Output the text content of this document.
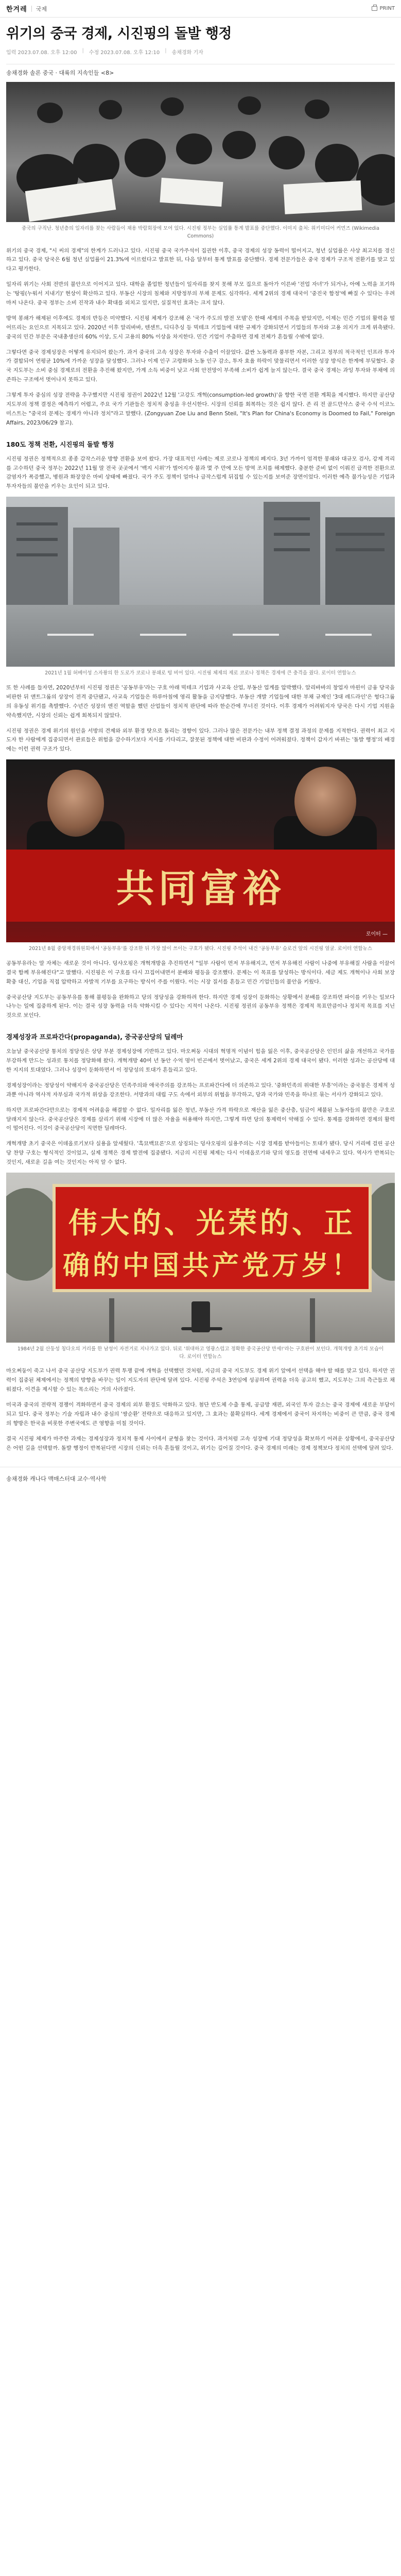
한겨레 국제	PRINT
위기의 중국 경제, 시진핑의 돌발 행정
입력 2023.07.08. 오후 12:00 | 수정 2023.07.08. 오후 12:10 | 송채경화 기자

송채경화 솔론 중국 · 대륙의 지속인들 <8>

중국의 구직난. 청년층의 일자리를 찾는 사람들이 채용 박람회장에 모여 있다. 시진핑 정부는 실업률 통계 발표를 중단했다. 이미지 출처: 위키미디어 커먼즈 (Wikimedia Commons)

위기의 중국 경제, "시 씨의 경제"의 한계가 드러나고 있다. 시진핑 중국 국가주석이 집권한 이후, 중국 경제의 성장 동력이 떨어지고, 청년 실업률은 사상 최고치를 경신하고 있다. 중국 당국은 6월 청년 실업률이 21.3%에 이르렀다고 발표한 뒤, 다음 달부터 통계 발표를 중단했다. 경제 전문가들은 중국 경제가 구조적 전환기를 맞고 있다고 평가한다.

일자리 위기는 사회 전반의 불안으로 이어지고 있다. 대학을 졸업한 청년들이 일자리를 찾지 못해 부모 집으로 돌아가 이른바 '전업 자녀'가 되거나, 아예 노력을 포기하는 '탕핑(누워서 지내기)' 현상이 확산하고 있다. 부동산 시장의 침체와 지방정부의 부채 문제도 심각하다. 세계 2위의 경제 대국이 '중진국 함정'에 빠질 수 있다는 우려마저 나온다. 중국 정부는 소비 진작과 내수 확대를 외치고 있지만, 실질적인 효과는 크지 않다.

방역 봉쇄가 해제된 이후에도 경제의 반등은 미약했다. 시진핑 체제가 강조해 온 '국가 주도의 발전 모델'은 한때 세계의 주목을 받았지만, 이제는 민간 기업의 활력을 떨어뜨리는 요인으로 지목되고 있다. 2020년 이후 알리바바, 텐센트, 디디추싱 등 빅테크 기업들에 대한 규제가 강화되면서 기업들의 투자와 고용 의지가 크게 위축됐다. 중국의 민간 부문은 국내총생산의 60% 이상, 도시 고용의 80% 이상을 차지한다. 민간 기업이 주춤하면 경제 전체가 흔들릴 수밖에 없다.

그렇다면 중국 경제성장은 어떻게 유지되어 왔는가. 과거 중국의 고속 성장은 투자와 수출이 이끌었다. 값싼 노동력과 풍부한 자본, 그리고 정부의 적극적인 인프라 투자가 결합되어 연평균 10%에 가까운 성장을 달성했다. 그러나 이제 인구 고령화와 노동 인구 감소, 투자 효율 하락이 맞물리면서 이러한 성장 방식은 한계에 부딪혔다. 중국 지도부는 소비 중심 경제로의 전환을 추진해 왔지만, 가계 소득 비중이 낮고 사회 안전망이 부족해 소비가 쉽게 늘지 않는다. 결국 중국 경제는 과잉 투자와 부채에 의존하는 구조에서 벗어나지 못하고 있다.

그렇게 투자 중심의 성장 전략을 추구했지만 시진핑 정권이 2022년 12월 '고강도 개혁(consumption-led growth)'을 향한 국면 전환 계획을 제시했다. 하지만 공산당 지도부의 정책 결정은 예측하기 어렵고, 주요 국가 기관들은 정치적 충성을 우선시한다. 시장의 신뢰를 회복하는 것은 쉽지 않다. 존 리 전 골드만삭스 중국 수석 이코노미스트는 "중국의 문제는 경제가 아니라 정치"라고 말했다. (Zongyuan Zoe Liu and Benn Steil, "It's Plan for China's Economy is Doomed to Fail," Foreign Affairs, 2023/06/29 참고).

180도 정책 전환, 시진핑의 돌발 행정

시진핑 정권은 정책적으로 종종 갑작스러운 방향 전환을 보여 왔다. 가장 대표적인 사례는 제로 코로나 정책의 폐지다. 3년 가까이 엄격한 봉쇄와 대규모 검사, 강제 격리를 고수하던 중국 정부는 2022년 11월 말 전국 곳곳에서 '백지 시위'가 벌어지자 불과 몇 주 만에 모든 방역 조치를 해제했다. 충분한 준비 없이 이뤄진 급격한 전환으로 감염자가 폭증했고, 병원과 화장장은 마비 상태에 빠졌다. 국가 주도 정책이 얼마나 급작스럽게 뒤집힐 수 있는지를 보여준 장면이었다. 이러한 예측 불가능성은 기업과 투자자들의 불안을 키우는 요인이 되고 있다.

2021년 1월 허베이성 스자좡의 한 도로가 코로나 봉쇄로 텅 비어 있다. 시진핑 체제의 제로 코로나 정책은 경제에 큰 충격을 줬다. 로이터 연합뉴스

또 한 사례를 들자면, 2020년부터 시진핑 정권은 '공동부유'라는 구호 아래 빅테크 기업과 사교육 산업, 부동산 업계를 압박했다. 알리바바의 창업자 마윈이 금융 당국을 비판한 뒤 앤트그룹의 상장이 전격 중단됐고, 사교육 기업들은 하루아침에 영리 활동을 금지당했다. 부동산 개발 기업들에 대한 부채 규제인 '3대 레드라인'은 헝다그룹의 유동성 위기를 촉발했다. 수년간 성장의 엔진 역할을 했던 산업들이 정치적 판단에 따라 한순간에 무너진 것이다. 이후 경제가 어려워지자 당국은 다시 기업 지원을 약속했지만, 시장의 신뢰는 쉽게 회복되지 않았다.

시진핑 정권은 경제 위기의 원인을 서방의 견제와 외부 환경 탓으로 돌리는 경향이 있다. 그러나 많은 전문가는 내부 정책 결정 과정의 문제를 지적한다. 권력이 최고 지도자 한 사람에게 집중되면서 관료들은 위험을 감수하기보다 지시를 기다리고, 잘못된 정책에 대한 비판과 수정이 어려워졌다. 정책이 갑자기 바뀌는 '돌발 행정'의 배경에는 이런 권력 구조가 있다.

共同富裕
로이터 —

2021년 8월 중앙재경위원회에서 '공동부유'를 강조한 뒤 가장 많이 쓰이는 구호가 됐다. 시진핑 주석이 내건 '공동부유' 슬로건 앞의 시진핑 얼굴. 로이터 연합뉴스

공동부유라는 말 자체는 새로운 것이 아니다. 덩샤오핑은 개혁개방을 추진하면서 "일부 사람이 먼저 부유해지고, 먼저 부유해진 사람이 나중에 부유해질 사람을 이끌어 결국 함께 부유해진다"고 말했다. 시진핑은 이 구호를 다시 끄집어내면서 분배와 평등을 강조했다. 문제는 이 목표를 달성하는 방식이다. 세금 제도 개혁이나 사회 보장 확충 대신, 기업을 직접 압박하고 자발적 기부를 요구하는 방식이 주를 이뤘다. 이는 시장 질서를 흔들고 민간 기업인들의 불안을 키웠다.

중국공산당 지도부는 공동부유를 통해 불평등을 완화하고 당의 정당성을 강화하려 한다. 하지만 경제 성장이 둔화하는 상황에서 분배를 강조하면 파이를 키우는 일보다 나누는 일에 집중하게 된다. 이는 결국 성장 동력을 더욱 약화시킬 수 있다는 지적이 나온다. 시진핑 정권의 공동부유 정책은 경제적 목표만큼이나 정치적 목표를 지닌 것으로 보인다.

경제성장과 프로파간다(propaganda), 중국공산당의 딜레마

오늘날 중국공산당 통치의 정당성은 상당 부분 경제성장에 기반하고 있다. 마오쩌둥 시대의 혁명적 이념이 힘을 잃은 이후, 중국공산당은 인민의 삶을 개선하고 국가를 부강하게 만드는 성과로 통치를 정당화해 왔다. 개혁개방 40여 년 동안 수억 명이 빈곤에서 벗어났고, 중국은 세계 2위의 경제 대국이 됐다. 이러한 성과는 공산당에 대한 지지의 토대였다. 그러나 성장이 둔화하면서 이 정당성의 토대가 흔들리고 있다.

경제성장이라는 정당성이 약해지자 중국공산당은 민족주의와 애국주의를 강조하는 프로파간다에 더 의존하고 있다. '중화민족의 위대한 부흥'이라는 중국몽은 경제적 성과뿐 아니라 역사적 자부심과 국가적 위상을 강조한다. 서방과의 대립 구도 속에서 외부의 위협을 부각하고, 당과 국가와 민족을 하나로 묶는 서사가 강화되고 있다.

하지만 프로파간다만으로는 경제적 어려움을 해결할 수 없다. 일자리를 잃은 청년, 부동산 가격 하락으로 재산을 잃은 중산층, 임금이 체불된 노동자들의 불만은 구호로 달래지지 않는다. 중국공산당은 경제를 살리기 위해 시장에 더 많은 자율을 허용해야 하지만, 그렇게 하면 당의 통제력이 약해질 수 있다. 통제를 강화하면 경제의 활력이 떨어진다. 이것이 중국공산당이 직면한 딜레마다.

개혁개방 초기 중국은 이데올로기보다 실용을 앞세웠다. '흑묘백묘론'으로 상징되는 덩샤오핑의 실용주의는 시장 경제를 받아들이는 토대가 됐다. 당시 거리에 걸린 공산당 찬양 구호는 형식적인 것이었고, 실제 정책은 경제 발전에 집중됐다. 지금의 시진핑 체제는 다시 이데올로기와 당의 영도를 전면에 내세우고 있다. 역사가 반복되는 것인지, 새로운 길을 여는 것인지는 아직 알 수 없다.

伟大的、光荣的、正
确的中国共产党万岁！

1984년 2월 산둥성 칭다오의 거리를 한 남성이 자전거로 지나가고 있다. 뒤로 '위대하고 영광스럽고 정확한 중국공산당 만세!'라는 구호판이 보인다. 개혁개방 초기의 모습이다. 로이터 연합뉴스

마오쩌둥이 죽고 나서 중국 공산당 지도부가 권력 투쟁 끝에 개혁을 선택했던 것처럼, 지금의 중국 지도부도 경제 위기 앞에서 선택을 해야 할 때를 맞고 있다. 하지만 권력이 집중된 체제에서는 정책의 방향을 바꾸는 일이 지도자의 판단에 달려 있다. 시진핑 주석은 3연임에 성공하며 권력을 더욱 공고히 했고, 지도부는 그의 측근들로 채워졌다. 이견을 제시할 수 있는 목소리는 거의 사라졌다.

미국과 중국의 전략적 경쟁이 격화하면서 중국 경제의 외부 환경도 악화하고 있다. 첨단 반도체 수출 통제, 공급망 재편, 외국인 투자 감소는 중국 경제에 새로운 부담이 되고 있다. 중국 정부는 기술 자립과 내수 중심의 '쌍순환' 전략으로 대응하고 있지만, 그 효과는 불확실하다. 세계 경제에서 중국이 차지하는 비중이 큰 만큼, 중국 경제의 향방은 한국을 비롯한 주변국에도 큰 영향을 미칠 것이다.

결국 시진핑 체제가 마주한 과제는 경제성장과 정치적 통제 사이에서 균형을 찾는 것이다. 과거처럼 고속 성장에 기대 정당성을 확보하기 어려운 상황에서, 중국공산당은 어떤 길을 선택할까. 돌발 행정이 반복된다면 시장의 신뢰는 더욱 흔들릴 것이고, 위기는 깊어질 것이다. 중국 경제의 미래는 경제 정책보다 정치의 선택에 달려 있다.

송채경화 캐나다 맥매스터대 교수·역사학
